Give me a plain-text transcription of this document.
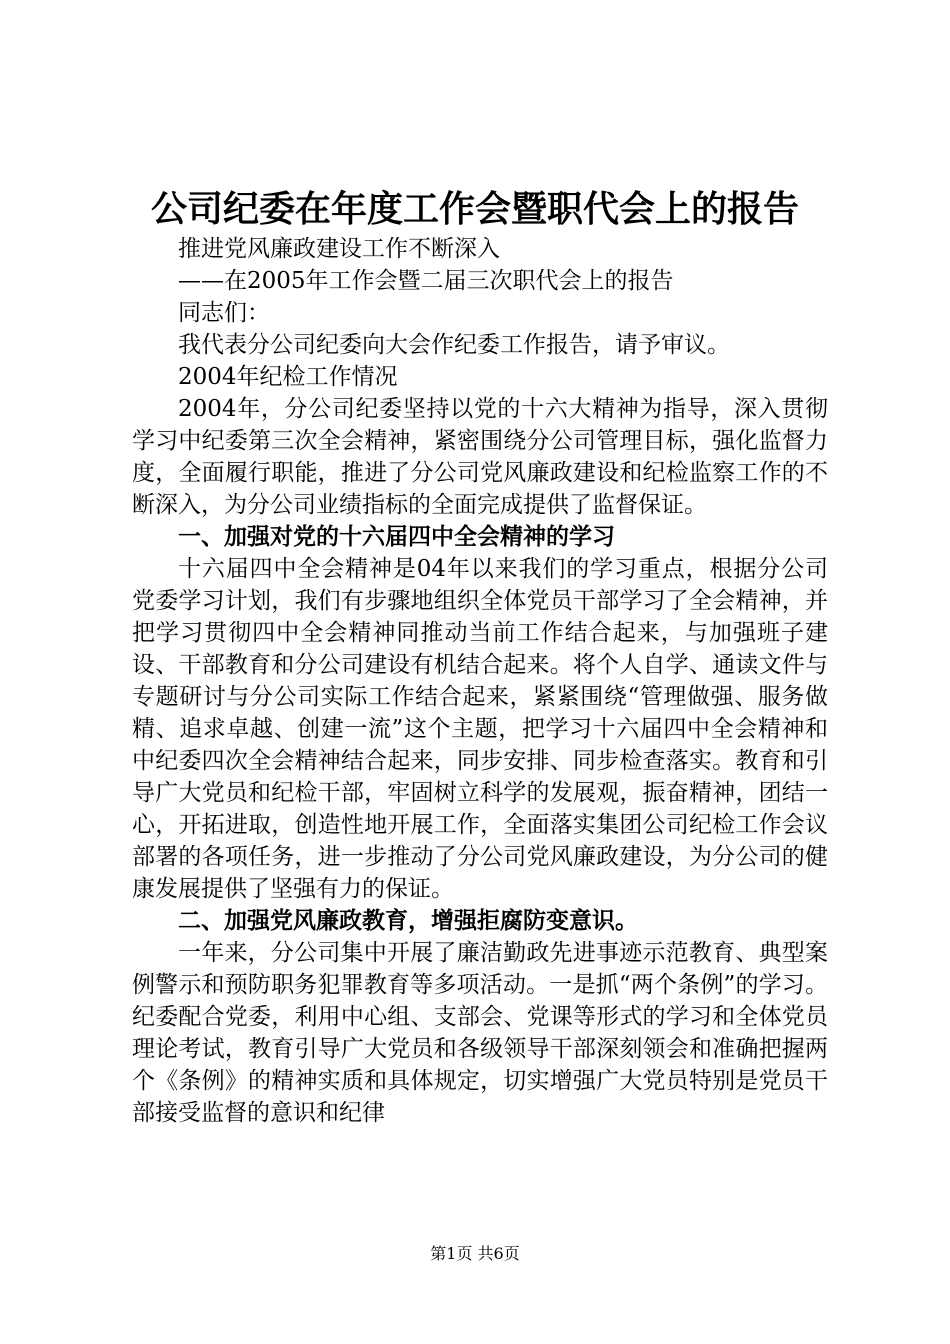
公司纪委在年度工作会暨职代会上的报告

推进党风廉政建设工作不断深入

——在2005年工作会暨二届三次职代会上的报告

同志们：

我代表分公司纪委向大会作纪委工作报告，请予审议。

2004年纪检工作情况

2004年，分公司纪委坚持以党的十六大精神为指导，深入贯彻学习中纪委第三次全会精神，紧密围绕分公司管理目标，强化监督力度，全面履行职能，推进了分公司党风廉政建设和纪检监察工作的不断深入，为分公司业绩指标的全面完成提供了监督保证。

一、加强对党的十六届四中全会精神的学习

十六届四中全会精神是04年以来我们的学习重点，根据分公司党委学习计划，我们有步骤地组织全体党员干部学习了全会精神，并把学习贯彻四中全会精神同推动当前工作结合起来，与加强班子建设、干部教育和分公司建设有机结合起来。将个人自学、通读文件与专题研讨与分公司实际工作结合起来，紧紧围绕“管理做强、服务做精、追求卓越、创建一流”这个主题，把学习十六届四中全会精神和中纪委四次全会精神结合起来，同步安排、同步检查落实。教育和引导广大党员和纪检干部，牢固树立科学的发展观，振奋精神，团结一心，开拓进取，创造性地开展工作，全面落实集团公司纪检工作会议部署的各项任务，进一步推动了分公司党风廉政建设，为分公司的健康发展提供了坚强有力的保证。

二、加强党风廉政教育，增强拒腐防变意识。

一年来，分公司集中开展了廉洁勤政先进事迹示范教育、典型案例警示和预防职务犯罪教育等多项活动。一是抓“两个条例”的学习。纪委配合党委，利用中心组、支部会、党课等形式的学习和全体党员理论考试，教育引导广大党员和各级领导干部深刻领会和准确把握两个《条例》的精神实质和具体规定，切实增强广大党员特别是党员干部接受监督的意识和纪律

第1页 共6页
